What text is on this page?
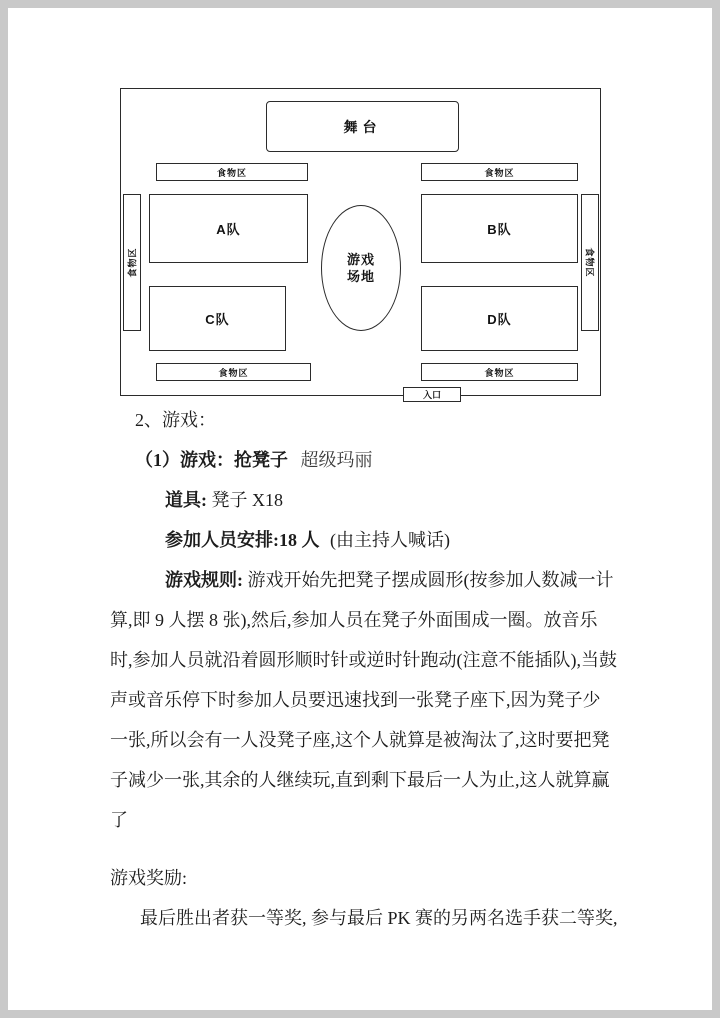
舞台
食物区	食物区
A队	B队
C队	D队
食物区	食物区
游戏场地
食物区	食物区
入口

2、游戏：

（1）游戏：抢凳子 超级玛丽

道具: 凳子 X18

参加人员安排:18 人 (由主持人喊话)

游戏规则: 游戏开始先把凳子摆成圆形(按参加人数减一计算,即 9 人摆 8 张),然后,参加人员在凳子外面围成一圈。放音乐时,参加人员就沿着圆形顺时针或逆时针跑动(注意不能插队),当鼓声或音乐停下时参加人员要迅速找到一张凳子座下,因为凳子少一张,所以会有一人没凳子座,这个人就算是被淘汰了,这时要把凳子减少一张,其余的人继续玩,直到剩下最后一人为止,这人就算赢了

游戏奖励:

最后胜出者获一等奖, 参与最后 PK 赛的另两名选手获二等奖,
